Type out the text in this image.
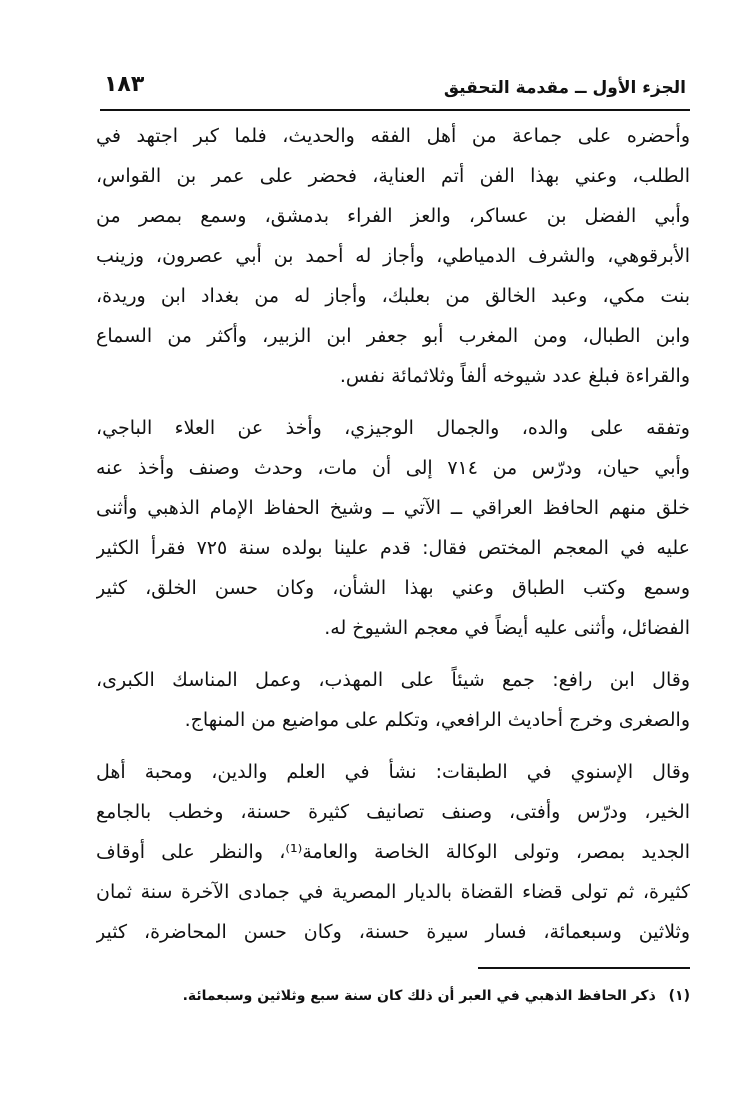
الجزء الأول ــ مقدمة التحقيق
١٨٣
وأحضره على جماعة من أهل الفقه والحديث، فلما كبر اجتهد في
الطلب، وعني بهذا الفن أتم العناية، فحضر على عمر بن القواس،
وأبي الفضل بن عساكر، والعز الفراء بدمشق، وسمع بمصر من
الأبرقوهي، والشرف الدمياطي، وأجاز له أحمد بن أبي عصرون، وزينب
بنت مكي، وعبد الخالق من بعلبك، وأجاز له من بغداد ابن وريدة،
وابن الطبال، ومن المغرب أبو جعفر ابن الزبير، وأكثر من السماع
والقراءة فبلغ عدد شيوخه ألفاً وثلاثمائة نفس.
وتفقه على والده، والجمال الوجيزي، وأخذ عن العلاء الباجي،
وأبي حيان، ودرّس من ٧١٤ إلى أن مات، وحدث وصنف وأخذ عنه
خلق منهم الحافظ العراقي ــ الآتي ــ وشيخ الحفاظ الإمام الذهبي وأثنى
عليه في المعجم المختص فقال: قدم علينا بولده سنة ٧٢٥ فقرأ الكثير
وسمع وكتب الطباق وعني بهذا الشأن، وكان حسن الخلق، كثير
الفضائل، وأثنى عليه أيضاً في معجم الشيوخ له.
وقال ابن رافع: جمع شيئاً على المهذب، وعمل المناسك الكبرى،
والصغرى وخرج أحاديث الرافعي، وتكلم على مواضيع من المنهاج.
وقال الإسنوي في الطبقات: نشأ في العلم والدين، ومحبة أهل
الخير، ودرّس وأفتى، وصنف تصانيف كثيرة حسنة، وخطب بالجامع
الجديد بمصر، وتولى الوكالة الخاصة والعامة⁽¹⁾، والنظر على أوقاف
كثيرة، ثم تولى قضاء القضاة بالديار المصرية في جمادى الآخرة سنة ثمان
وثلاثين وسبعمائة، فسار سيرة حسنة، وكان حسن المحاضرة، كثير
(١) ذكر الحافظ الذهبي في العبر أن ذلك كان سنة سبع وثلاثين وسبعمائة.
